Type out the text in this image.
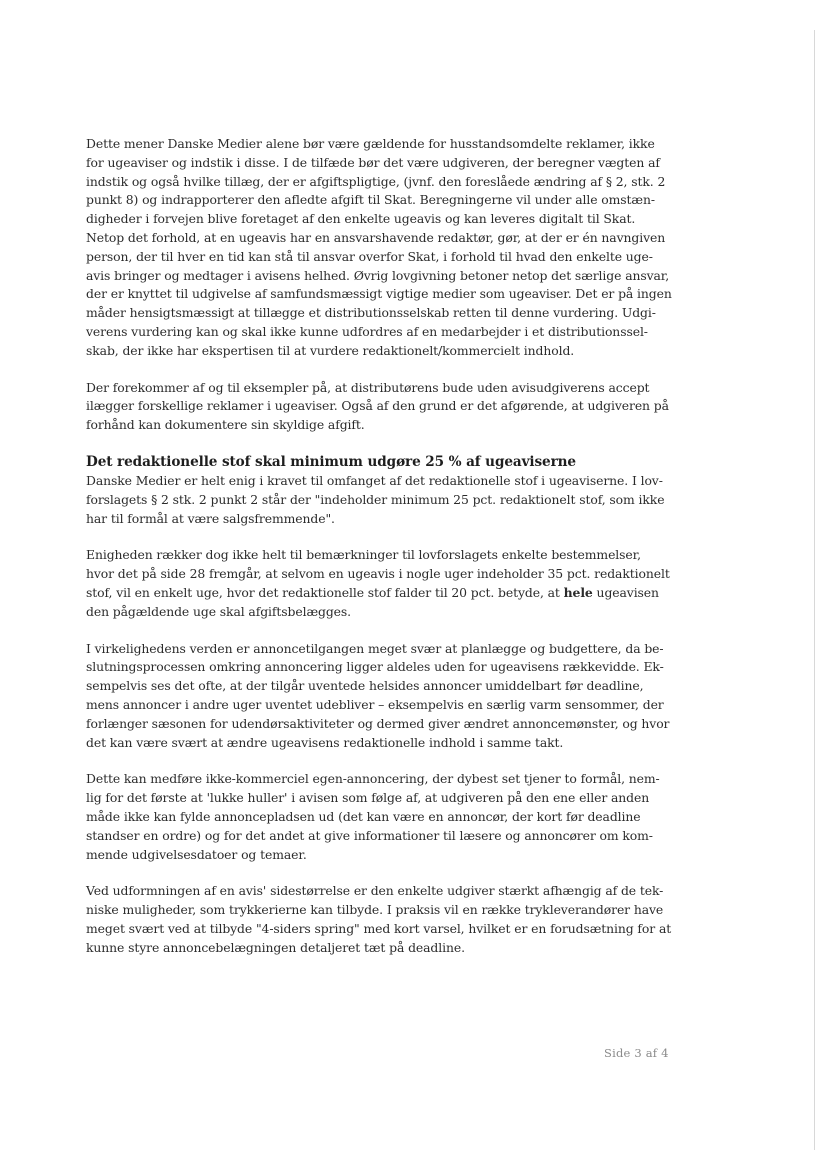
Dette mener Danske Medier alene bør være gældende for husstandsomdelte reklamer, ikke
for ugeaviser og indstik i disse. I de tilfæde bør det være udgiveren, der beregner vægten af
indstik og også hvilke tillæg, der er afgiftspligtige, (jvnf. den foreslåede ændring af § 2, stk. 2
punkt 8) og indrapporterer den afledte afgift til Skat. Beregningerne vil under alle omstæn-
digheder i forvejen blive foretaget af den enkelte ugeavis og kan leveres digitalt til Skat.
Netop det forhold, at en ugeavis har en ansvarshavende redaktør, gør, at der er én navngiven
person, der til hver en tid kan stå til ansvar overfor Skat, i forhold til hvad den enkelte uge-
avis bringer og medtager i avisens helhed. Øvrig lovgivning betoner netop det særlige ansvar,
der er knyttet til udgivelse af samfundsmæssigt vigtige medier som ugeaviser. Det er på ingen
måder hensigtsmæssigt at tillægge et distributionsselskab retten til denne vurdering. Udgi-
verens vurdering kan og skal ikke kunne udfordres af en medarbejder i et distributionssel-
skab, der ikke har ekspertisen til at vurdere redaktionelt/kommercielt indhold.

Der forekommer af og til eksempler på, at distributørens bude uden avisudgiverens accept
ilægger forskellige reklamer i ugeaviser. Også af den grund er det afgørende, at udgiveren på
forhånd kan dokumentere sin skyldige afgift.

Det redaktionelle stof skal minimum udgøre 25 % af ugeaviserne
Danske Medier er helt enig i kravet til omfanget af det redaktionelle stof i ugeaviserne. I lov-
forslagets § 2 stk. 2 punkt 2 står der "indeholder minimum 25 pct. redaktionelt stof, som ikke
har til formål at være salgsfremmende".

Enigheden rækker dog ikke helt til bemærkninger til lovforslagets enkelte bestemmelser,
hvor det på side 28 fremgår, at selvom en ugeavis i nogle uger indeholder 35 pct. redaktionelt
stof, vil en enkelt uge, hvor det redaktionelle stof falder til 20 pct. betyde, at hele ugeavisen
den pågældende uge skal afgiftsbelægges.

I virkelighedens verden er annoncetilgangen meget svær at planlægge og budgettere, da be-
slutningsprocessen omkring annoncering ligger aldeles uden for ugeavisens rækkevidde. Ek-
sempelvis ses det ofte, at der tilgår uventede helsides annoncer umiddelbart før deadline,
mens annoncer i andre uger uventet udebliver – eksempelvis en særlig varm sensommer, der
forlænger sæsonen for udendørsaktiviteter og dermed giver ændret annoncemønster, og hvor
det kan være svært at ændre ugeavisens redaktionelle indhold i samme takt.

Dette kan medføre ikke-kommerciel egen-annoncering, der dybest set tjener to formål, nem-
lig for det første at 'lukke huller' i avisen som følge af, at udgiveren på den ene eller anden
måde ikke kan fylde annoncepladsen ud (det kan være en annoncør, der kort før deadline
standser en ordre) og for det andet at give informationer til læsere og annoncører om kom-
mende udgivelsesdatoer og temaer.

Ved udformningen af en avis' sidestørrelse er den enkelte udgiver stærkt afhængig af de tek-
niske muligheder, som trykkerierne kan tilbyde. I praksis vil en række trykleverandører have
meget svært ved at tilbyde "4-siders spring" med kort varsel, hvilket er en forudsætning for at
kunne styre annoncebelægningen detaljeret tæt på deadline.

Side 3 af 4
